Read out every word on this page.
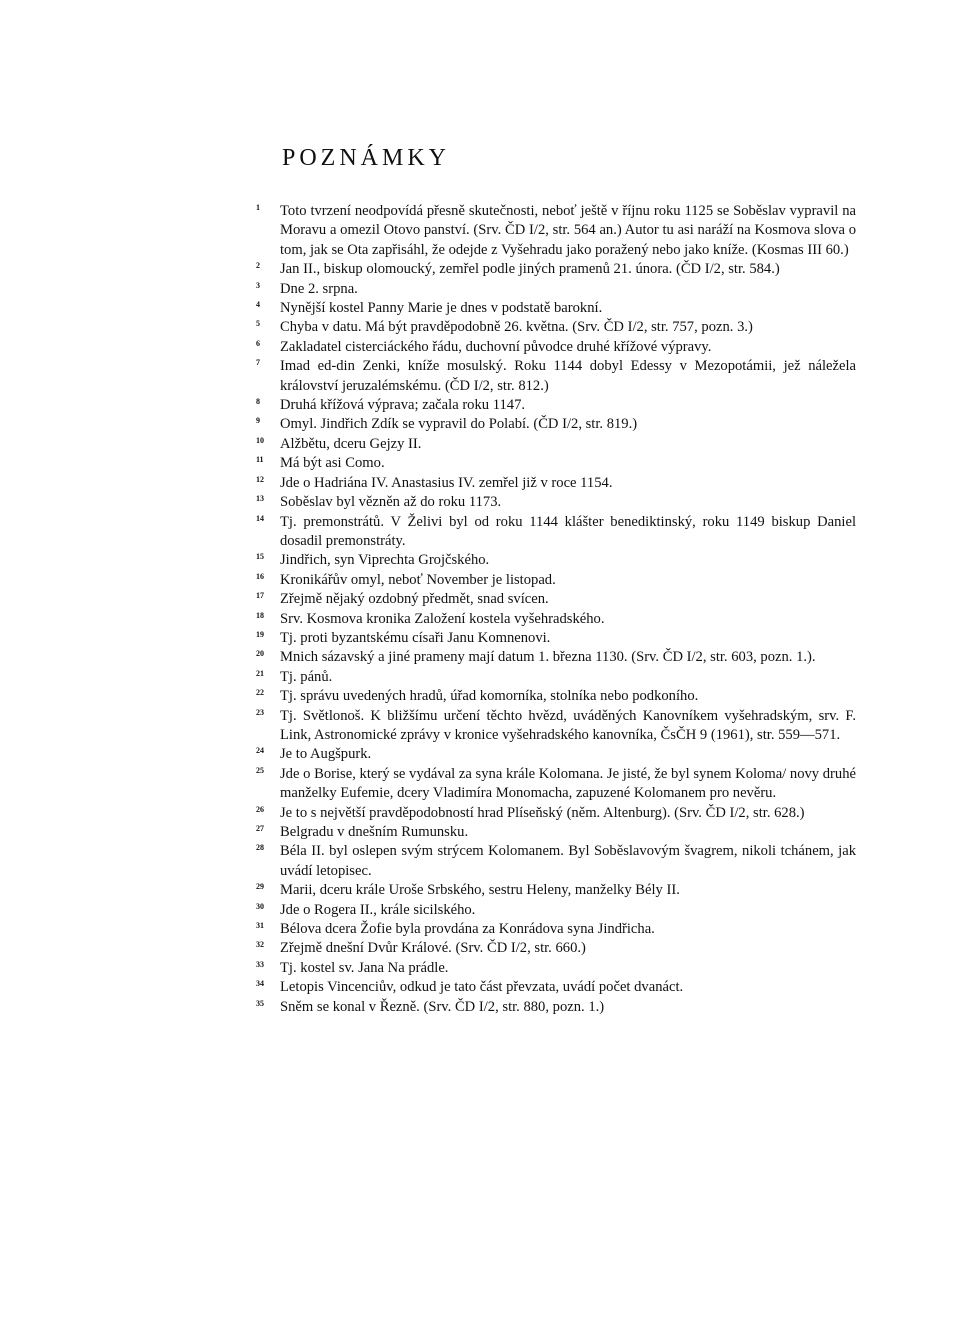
POZNÁMKY
1	Toto tvrzení neodpovídá přesně skutečnosti, neboť ještě v říjnu roku 1125 se Soběslav vypravil na Moravu a omezil Otovo panství. (Srv. ČD I/2, str. 564 an.) Autor tu asi naráží na Kosmova slova o tom, jak se Ota zapřisáhl, že odejde z Vyšehradu jako poražený nebo jako kníže. (Kosmas III 60.)
2	Jan II., biskup olomoucký, zemřel podle jiných pramenů 21. února. (ČD I/2, str. 584.)
3	Dne 2. srpna.
4	Nynější kostel Panny Marie je dnes v podstatě barokní.
5	Chyba v datu. Má být pravděpodobně 26. května. (Srv. ČD I/2, str. 757, pozn. 3.)
6	Zakladatel cisterciáckého řádu, duchovní původce druhé křížové výpravy.
7	Imad ed-din Zenki, kníže mosulský. Roku 1144 dobyl Edessy v Mezopotámii, jež náležela království jeruzalémskému. (ČD I/2, str. 812.)
8	Druhá křížová výprava; začala roku 1147.
9	Omyl. Jindřich Zdík se vypravil do Polabí. (ČD I/2, str. 819.)
10	Alžbětu, dceru Gejzy II.
11	Má být asi Como.
12	Jde o Hadriána IV. Anastasius IV. zemřel již v roce 1154.
13	Soběslav byl vězněn až do roku 1173.
14	Tj. premonstrátů. V Želivi byl od roku 1144 klášter benediktinský, roku 1149 biskup Daniel dosadil premonstráty.
15	Jindřich, syn Viprechta Grojčského.
16	Kronikářův omyl, neboť November je listopad.
17	Zřejmě nějaký ozdobný předmět, snad svícen.
18	Srv. Kosmova kronika Založení kostela vyšehradského.
19	Tj. proti byzantskému císaři Janu Komnenovi.
20	Mnich sázavský a jiné prameny mají datum 1. března 1130. (Srv. ČD I/2, str. 603, pozn. 1.).
21	Tj. pánů.
22	Tj. správu uvedených hradů, úřad komorníka, stolníka nebo podkoního.
23	Tj. Světlonoš. K bližšímu určení těchto hvězd, uváděných Kanovníkem vyšehradským, srv. F. Link, Astronomické zprávy v kronice vyšehradského kanovníka, ČsČH 9 (1961), str. 559—571.
24	Je to Augšpurk.
25	Jde o Borise, který se vydával za syna krále Kolomana. Je jisté, že byl synem Koloma/ novy druhé manželky Eufemie, dcery Vladimíra Monomacha, zapuzené Kolomanem pro nevěru.
26	Je to s největší pravděpodobností hrad Plíseňský (něm. Altenburg). (Srv. ČD I/2, str. 628.)
27	Belgradu v dnešním Rumunsku.
28	Béla II. byl oslepen svým strýcem Kolomanem. Byl Soběslavovým švagrem, nikoli tchánem, jak uvádí letopisec.
29	Marii, dceru krále Uroše Srbského, sestru Heleny, manželky Bély II.
30	Jde o Rogera II., krále sicilského.
31	Bélova dcera Žofie byla provdána za Konrádova syna Jindřicha.
32	Zřejmě dnešní Dvůr Králové. (Srv. ČD I/2, str. 660.)
33	Tj. kostel sv. Jana Na prádle.
34	Letopis Vincenciův, odkud je tato část převzata, uvádí počet dvanáct.
35	Sněm se konal v Řezně. (Srv. ČD I/2, str. 880, pozn. 1.)
